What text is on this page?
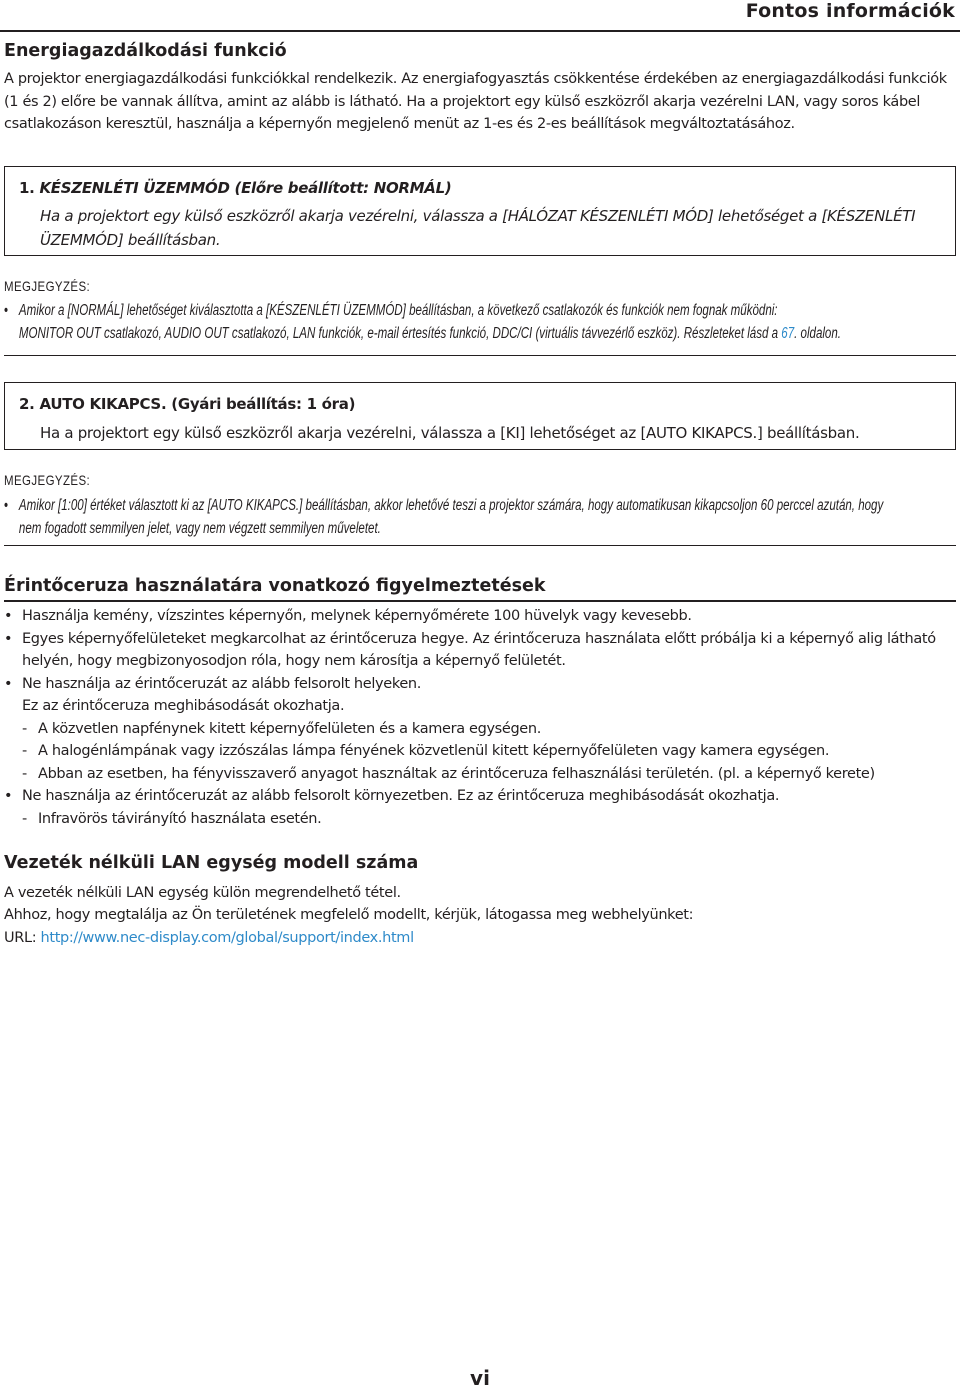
Fontos információk
Energiagazdálkodási funkció
A projektor energiagazdálkodási funkciókkal rendelkezik. Az energiafogyasztás csökkentése érdekében az energiagazdálkodási funkciók (1 és 2) előre be vannak állítva, amint az alább is látható. Ha a projektort egy külső eszközről akarja vezérelni LAN, vagy soros kábel csatlakozáson keresztül, használja a képernyőn megjelenő menüt az 1-es és 2-es beállítások megváltoztatásához.
1. KÉSZENLÉTI ÜZEMMÓD (Előre beállított: NORMÁL)
Ha a projektort egy külső eszközről akarja vezérelni, válassza a [HÁLÓZAT KÉSZENLÉTI MÓD] lehetőséget a [KÉSZENLÉTI ÜZEMMÓD] beállításban.
MEGJEGYZÉS:
• Amikor a [NORMÁL] lehetőséget kiválasztotta a [KÉSZENLÉTI ÜZEMMÓD] beállításban, a következő csatlakozók és funkciók nem fognak működni:
MONITOR OUT csatlakozó, AUDIO OUT csatlakozó, LAN funkciók, e-mail értesítés funkció, DDC/CI (virtuális távvezérlő eszköz). Részleteket lásd a 67. oldalon.
2. AUTO KIKAPCS. (Gyári beállítás: 1 óra)
Ha a projektort egy külső eszközről akarja vezérelni, válassza a [KI] lehetőséget az [AUTO KIKAPCS.] beállításban.
MEGJEGYZÉS:
• Amikor [1:00] értéket választott ki az [AUTO KIKAPCS.] beállításban, akkor lehetővé teszi a projektor számára, hogy automatikusan kikapcsoljon 60 perccel azután, hogy
nem fogadott semmilyen jelet, vagy nem végzett semmilyen műveletet.
Érintőceruza használatára vonatkozó figyelmeztetések
• Használja kemény, vízszintes képernyőn, melynek képernyőmérete 100 hüvelyk vagy kevesebb.
• Egyes képernyőfelületeket megkarcolhat az érintőceruza hegye. Az érintőceruza használata előtt próbálja ki a képernyő alig látható helyén, hogy megbizonyosodjon róla, hogy nem károsítja a képernyő felületét.
• Ne használja az érintőceruzát az alább felsorolt helyeken.
Ez az érintőceruza meghibásodását okozhatja.
- A közvetlen napfénynek kitett képernyőfelületen és a kamera egységen.
- A halogénlámpának vagy izzószálas lámpa fényének közvetlenül kitett képernyőfelületen vagy kamera egységen.
- Abban az esetben, ha fényvisszaverő anyagot használtak az érintőceruza felhasználási területén. (pl. a képernyő kerete)
• Ne használja az érintőceruzát az alább felsorolt környezetben. Ez az érintőceruza meghibásodását okozhatja.
- Infravörös távirányító használata esetén.
Vezeték nélküli LAN egység modell száma
A vezeték nélküli LAN egység külön megrendelhető tétel.
Ahhoz, hogy megtalálja az Ön területének megfelelő modellt, kérjük, látogassa meg webhelyünket:
URL: http://www.nec-display.com/global/support/index.html
vi
